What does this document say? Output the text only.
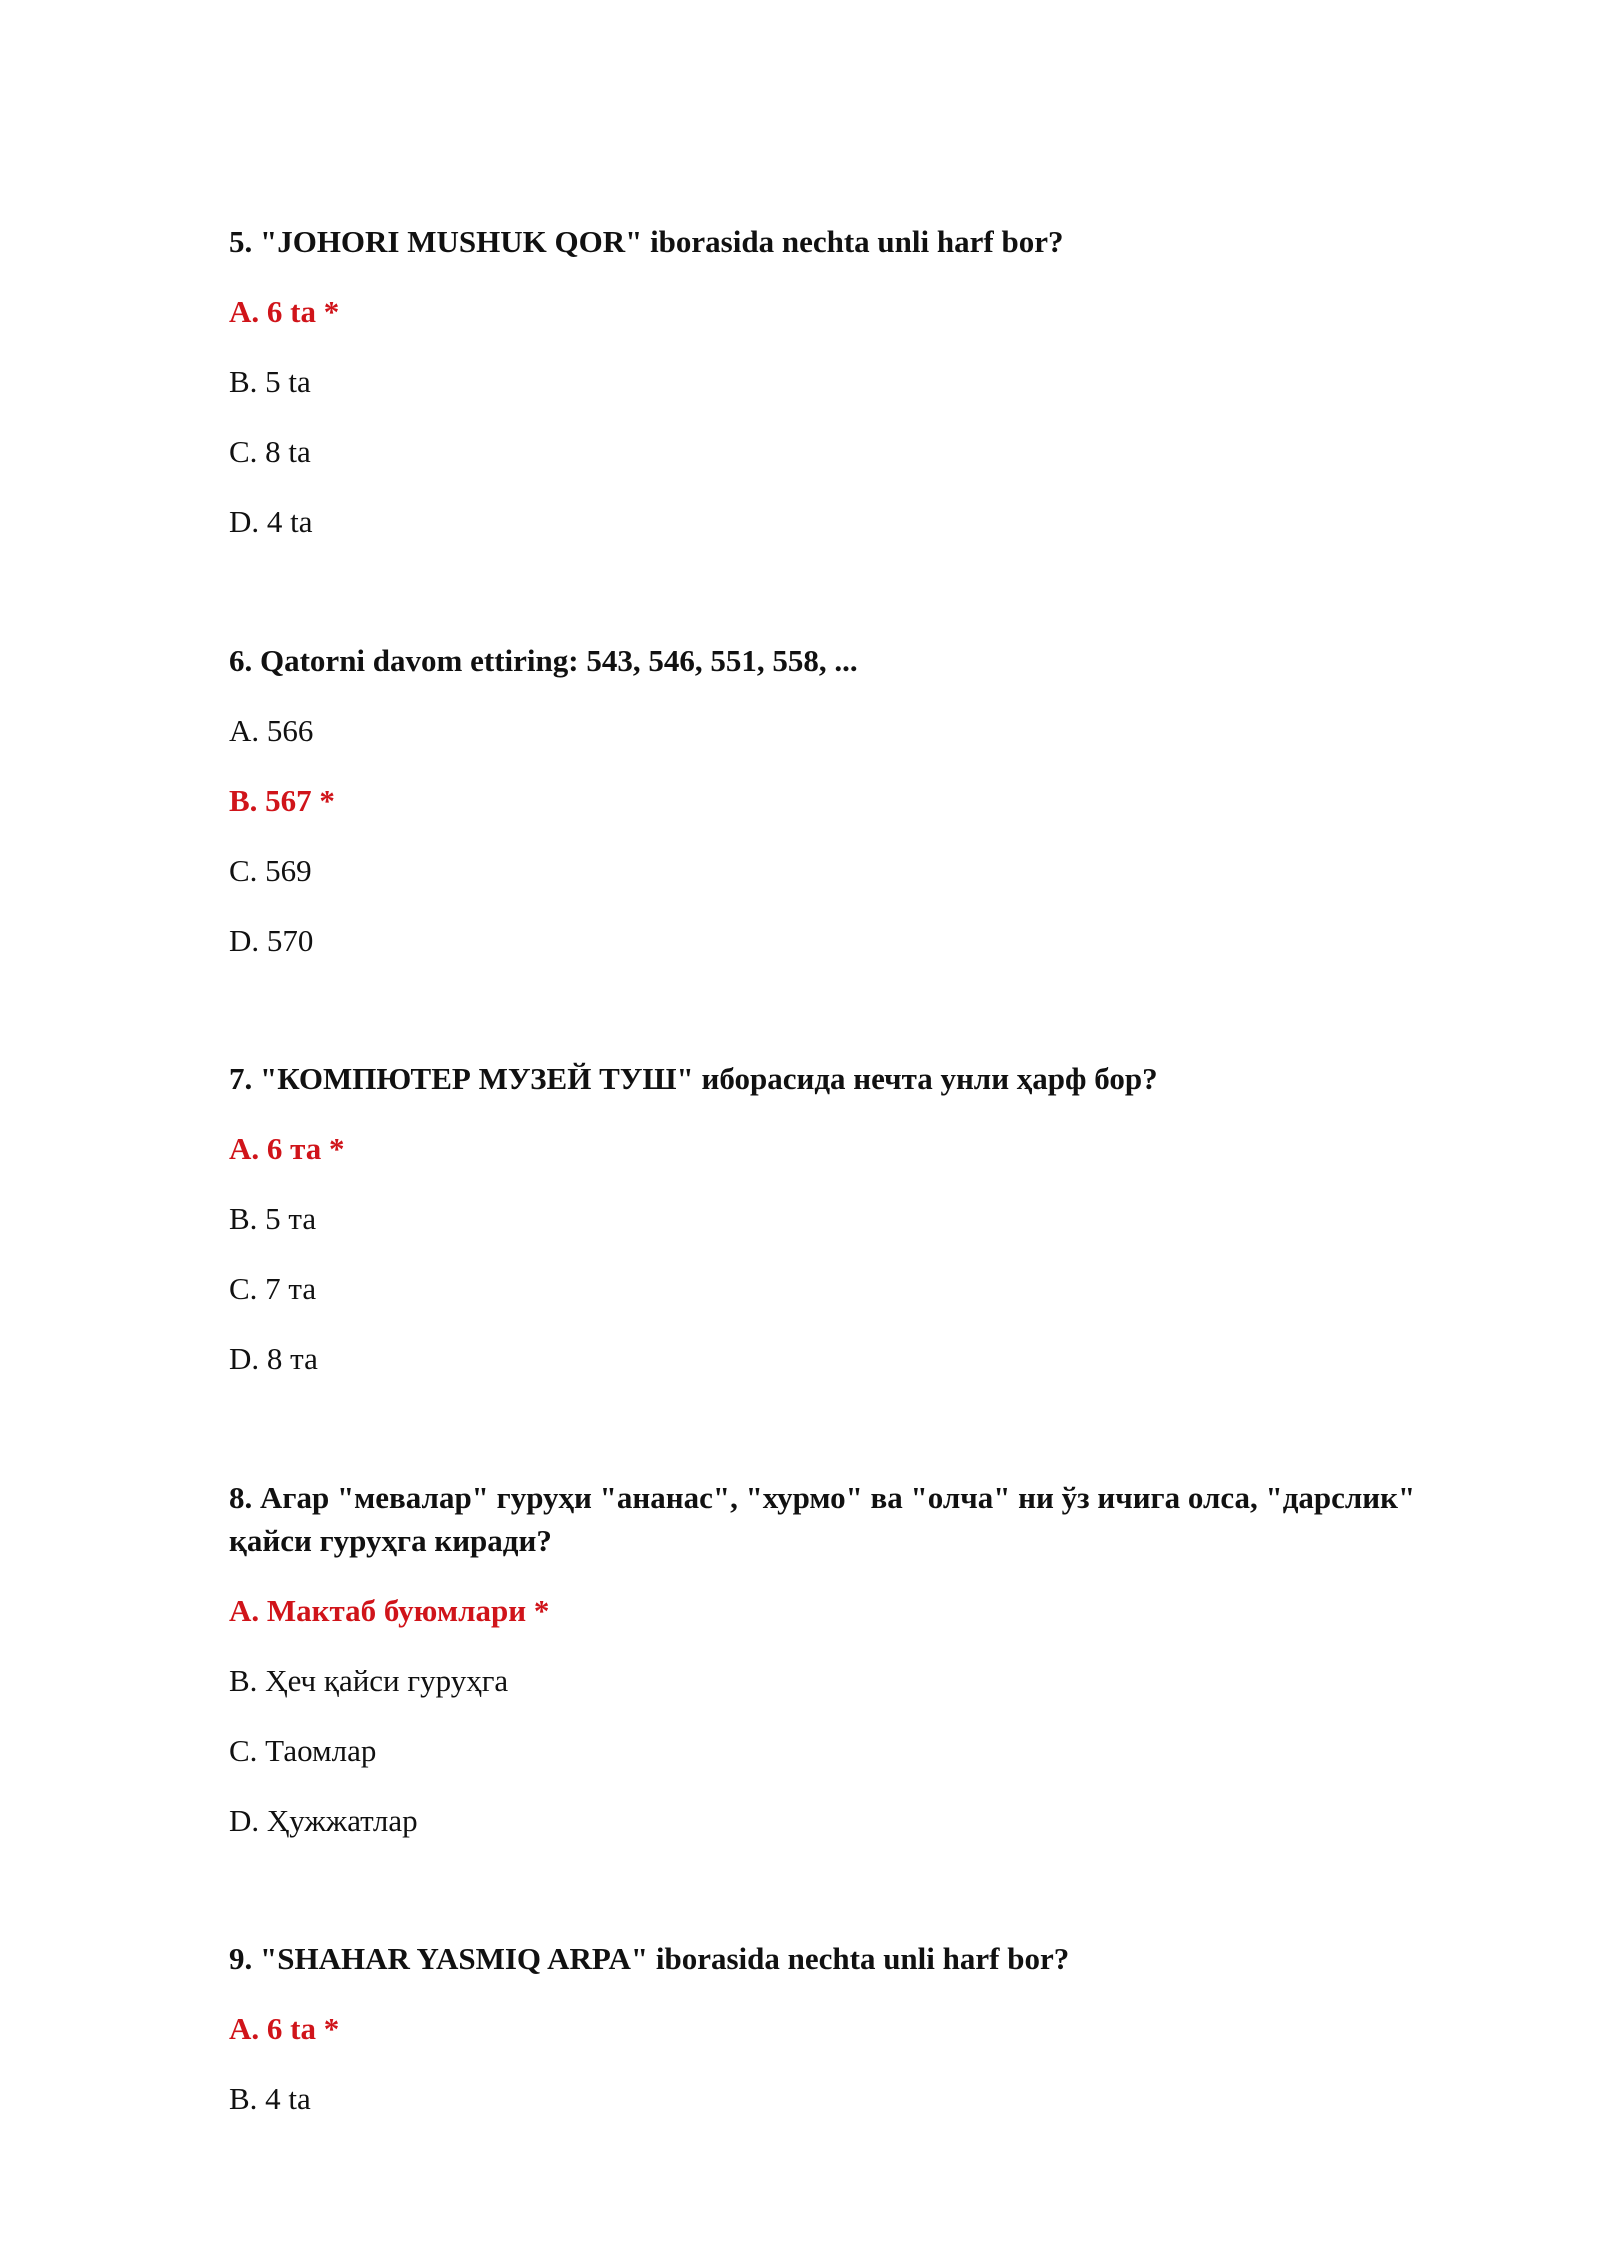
5. "JOHORI MUSHUK QOR" iborasida nechta unli harf bor?

A. 6 ta *

B. 5 ta

C. 8 ta

D. 4 ta

6. Qatorni davom ettiring: 543, 546, 551, 558, ...

A. 566

B. 567 *

C. 569

D. 570

7. "КОМПЮТЕР МУЗЕЙ ТУШ" иборасида нечта унли ҳарф бор?

A. 6 та *

B. 5 та

C. 7 та

D. 8 та

8. Агар "мевалар" гуруҳи "ананас", "хурмо" ва "олча" ни ўз ичига олса, "дарслик" қайси гуруҳга киради?

A. Мактаб буюмлари *

B. Ҳеч қайси гуруҳга

C. Таомлар

D. Ҳужжатлар

9. "SHAHAR YASMIQ ARPA" iborasida nechta unli harf bor?

A. 6 ta *

B. 4 ta
